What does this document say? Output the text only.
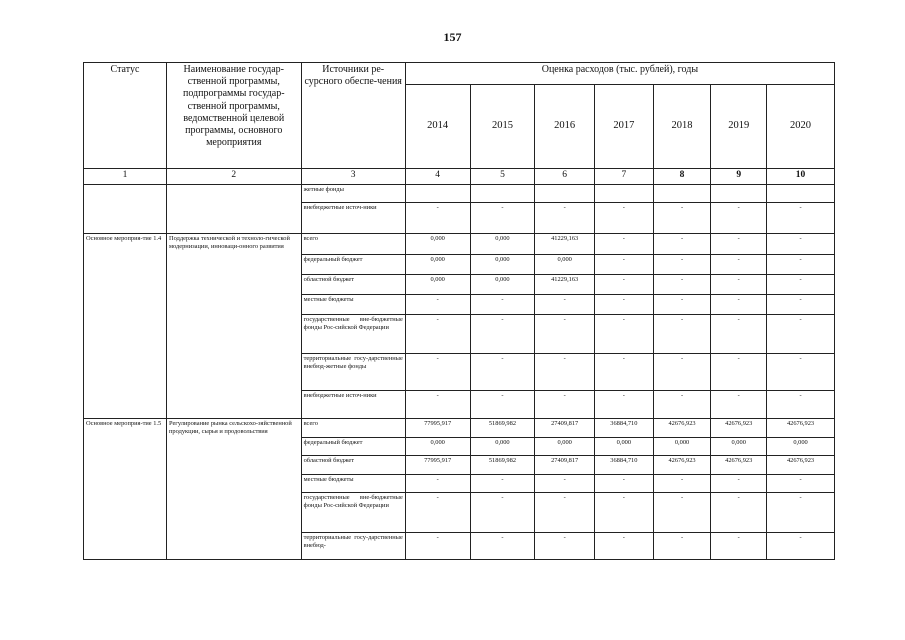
157
Статус	Наименование государ-ственной программы, подпрограммы государ-ственной программы, ведомственной целевой программы, основного мероприятия	Источники ре-сурсного обеспе-чения	Оценка расходов (тыс. рублей), годы						
			2014	2015	2016	2017	2018	2019	2020
1	2	3	4	5	6	7	8	9	10
		жетные фонды							
		внебюджетные источ-ники	-	-	-	-	-	-	-
Основное мероприя-тие 1.4	Поддержка технической и техноло-гической модернизации, инноваци-онного развития	всего	0,000	0,000	41229,163	-	-	-	-
		федеральный бюджет	0,000	0,000	0,000	-	-	-	-
		областной бюджет	0,000	0,000	41229,163	-	-	-	-
		местные бюджеты	-	-	-	-	-	-	-
		государственные вне-бюджетные фонды Рос-сийской Федерации	-	-	-	-	-	-	-
		территориальные госу-дарственные внебюд-жетные фонды	-	-	-	-	-	-	-
		внебюджетные источ-ники	-	-	-	-	-	-	-
Основное мероприя-тие 1.5	Регулирование рынка сельскохо-зяйственной продукции, сырья и продовольствия	всего	77995,917	51869,982	27409,817	36884,710	42676,923	42676,923	42676,923
		федеральный бюджет	0,000	0,000	0,000	0,000	0,000	0,000	0,000
		областной бюджет	77995,917	51869,982	27409,817	36884,710	42676,923	42676,923	42676,923
		местные бюджеты	-	-	-	-	-	-	-
		государственные вне-бюджетные фонды Рос-сийской Федерации	-	-	-	-	-	-	-
		территориальные госу-дарственные внебюд-	-	-	-	-	-	-	-
